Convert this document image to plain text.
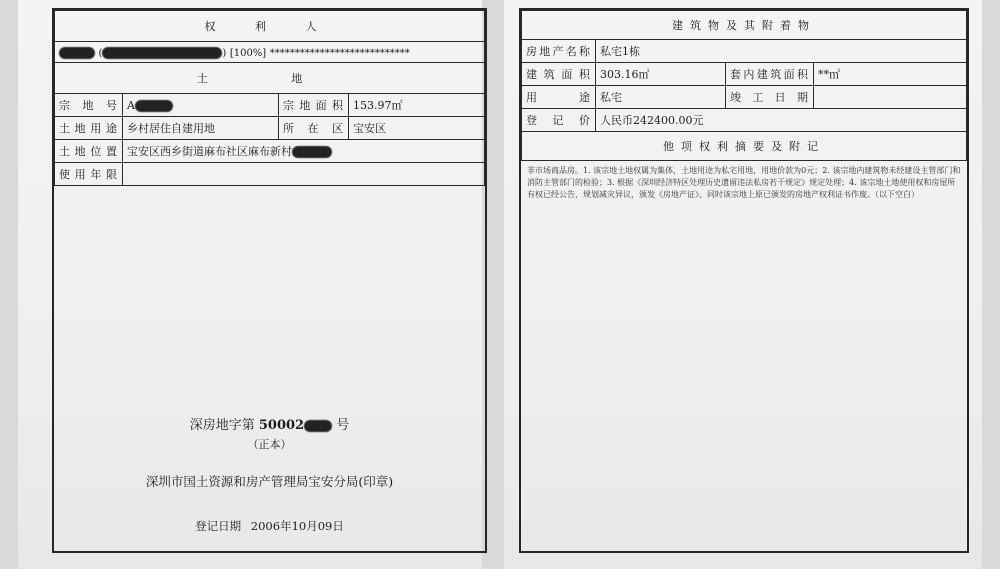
权 利 人			
( ) [100%] ****************************			
土 地			
宗地号	A	宗地面积	153.97㎡
土地用途	乡村居住自建用地	所在区	宝安区
土地位置	宝安区西乡街道麻布社区麻布新村		
使用年限			
深房地字第 50002 号
（正本）
深圳市国土资源和房产管理局宝安分局(印章)
登记日期 2006年10月09日
建筑物及其附着物			
房地产名称	私宅1栋		
建筑面积	303.16㎡	套内建筑面积	**㎡
用途	私宅	竣工日期	
登记价	人民币242400.00元		
他项权利摘要及附记			
非市场商品房。1. 该宗地土地权属为集体，土地用途为私宅用地，用地价款为0元；2. 该宗地内建筑物未经建设主管部门和消防主管部门的检验；3. 根据《深圳经济特区处理历史遗留违法私房若干规定》规定处理；4. 该宗地土地使用权和房屋所有权已经公告，规划减灾异议，颁发《房地产证》，同时该宗地上原已颁发的房地产权利证书作废。（以下空白）
